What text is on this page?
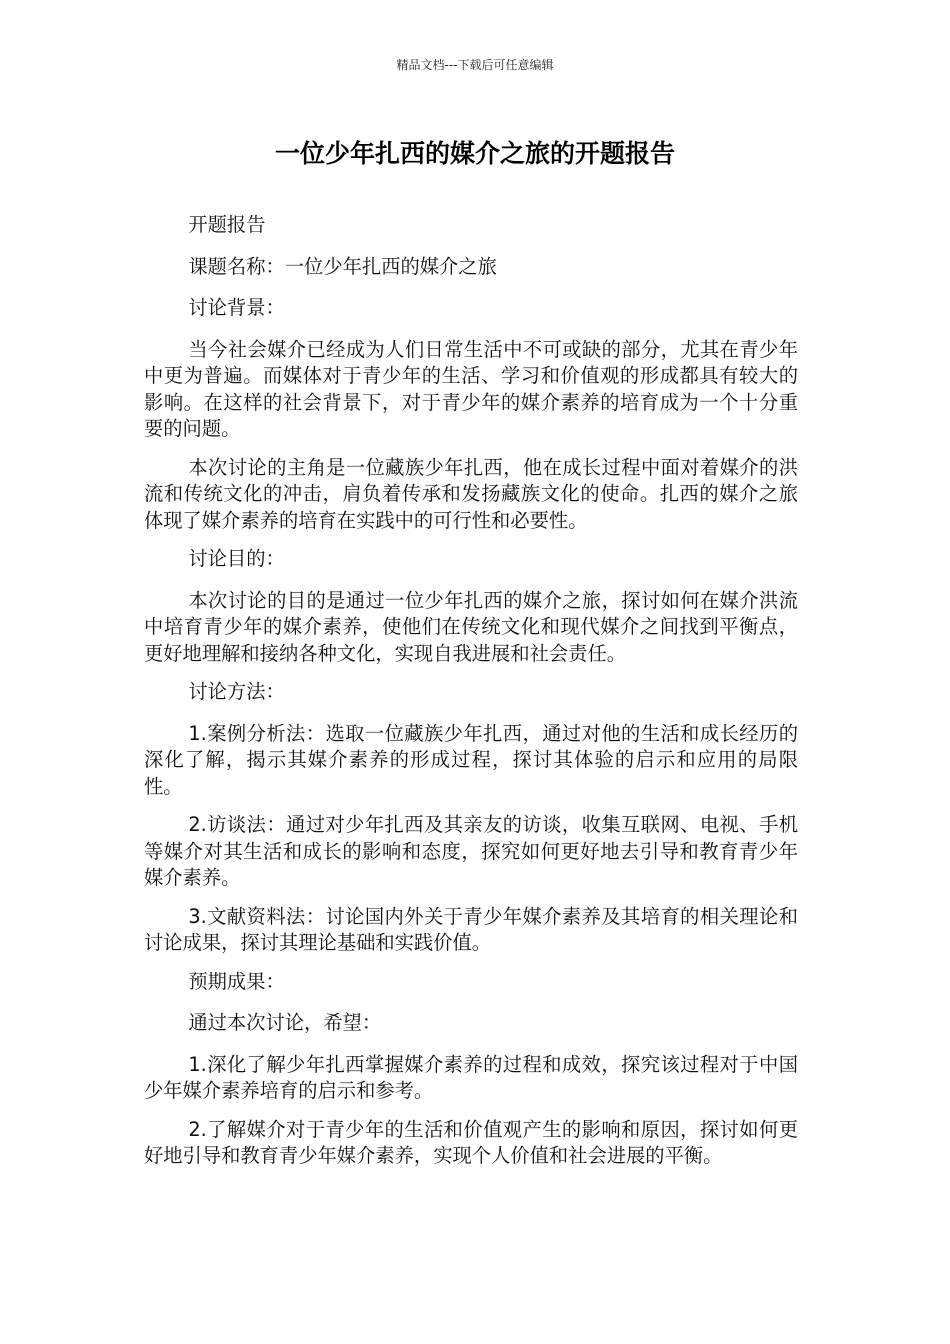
精品文档---下载后可任意编辑
一位少年扎西的媒介之旅的开题报告

开题报告

课题名称：一位少年扎西的媒介之旅

讨论背景：

当今社会媒介已经成为人们日常生活中不可或缺的部分，尤其在青少年中更为普遍。而媒体对于青少年的生活、学习和价值观的形成都具有较大的影响。在这样的社会背景下，对于青少年的媒介素养的培育成为一个十分重要的问题。

本次讨论的主角是一位藏族少年扎西，他在成长过程中面对着媒介的洪流和传统文化的冲击，肩负着传承和发扬藏族文化的使命。扎西的媒介之旅体现了媒介素养的培育在实践中的可行性和必要性。

讨论目的：

本次讨论的目的是通过一位少年扎西的媒介之旅，探讨如何在媒介洪流中培育青少年的媒介素养，使他们在传统文化和现代媒介之间找到平衡点，更好地理解和接纳各种文化，实现自我进展和社会责任。

讨论方法：

1.案例分析法：选取一位藏族少年扎西，通过对他的生活和成长经历的深化了解，揭示其媒介素养的形成过程，探讨其体验的启示和应用的局限性。

2.访谈法：通过对少年扎西及其亲友的访谈，收集互联网、电视、手机等媒介对其生活和成长的影响和态度，探究如何更好地去引导和教育青少年媒介素养。

3.文献资料法：讨论国内外关于青少年媒介素养及其培育的相关理论和讨论成果，探讨其理论基础和实践价值。

预期成果：

通过本次讨论，希望：

1.深化了解少年扎西掌握媒介素养的过程和成效，探究该过程对于中国少年媒介素养培育的启示和参考。

2.了解媒介对于青少年的生活和价值观产生的影响和原因，探讨如何更好地引导和教育青少年媒介素养，实现个人价值和社会进展的平衡。
